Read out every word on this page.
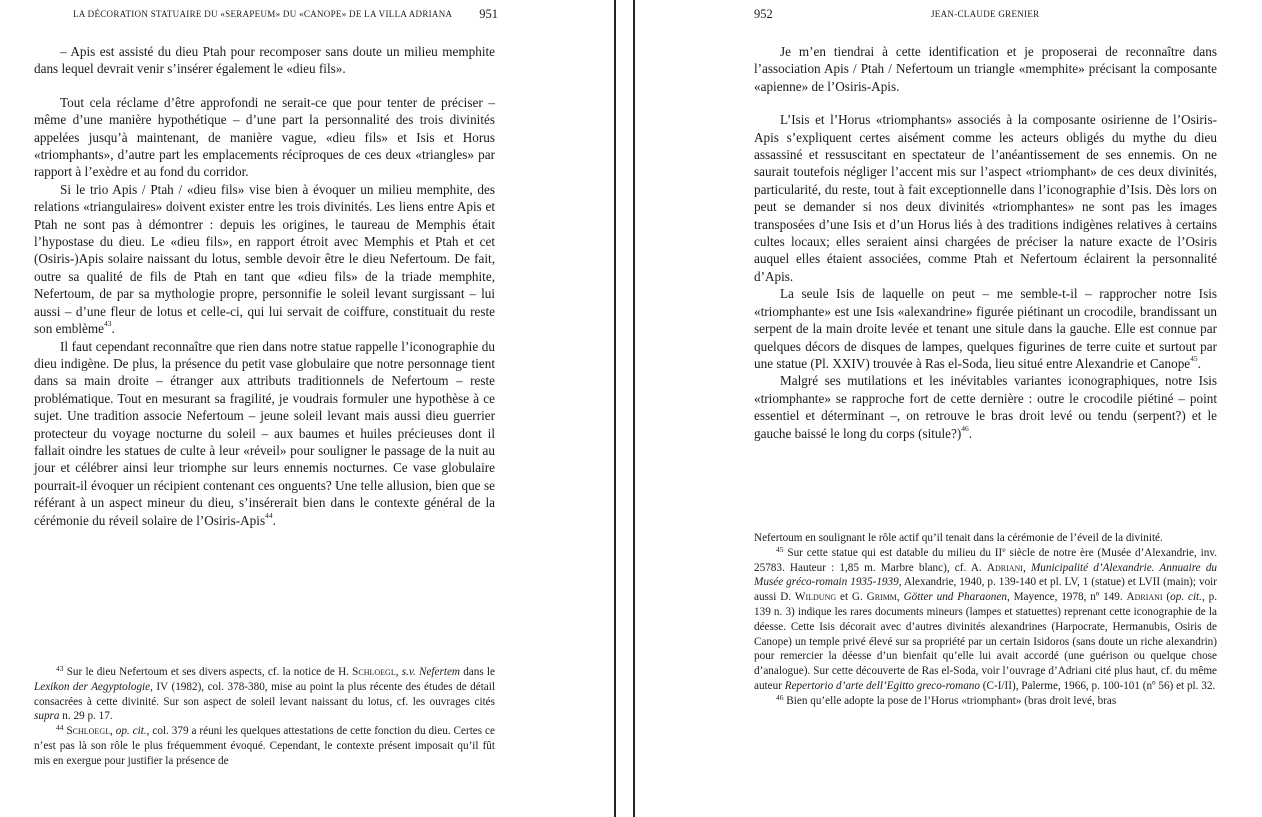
LA DÉCORATION STATUAIRE DU «SERAPEUM» DU «CANOPE» DE LA VILLA ADRIANA 951

– Apis est assisté du dieu Ptah pour recomposer sans doute un milieu memphite dans lequel devrait venir s’insérer également le «dieu fils».

Tout cela réclame d’être approfondi ne serait-ce que pour tenter de préciser – même d’une manière hypothétique – d’une part la personnalité des trois divinités appelées jusqu’à maintenant, de manière vague, «dieu fils» et Isis et Horus «triomphants», d’autre part les emplacements réciproques de ces deux «triangles» par rapport à l’exèdre et au fond du corridor.

Si le trio Apis / Ptah / «dieu fils» vise bien à évoquer un milieu memphite, des relations «triangulaires» doivent exister entre les trois divinités. Les liens entre Apis et Ptah ne sont pas à démontrer : depuis les origines, le taureau de Memphis était l’hypostase du dieu. Le «dieu fils», en rapport étroit avec Memphis et Ptah et cet (Osiris-)Apis solaire naissant du lotus, semble devoir être le dieu Nefertoum. De fait, outre sa qualité de fils de Ptah en tant que «dieu fils» de la triade memphite, Nefertoum, de par sa mythologie propre, personnifie le soleil levant surgissant – lui aussi – d’une fleur de lotus et celle-ci, qui lui servait de coiffure, constituait du reste son emblème$^{43}$.

Il faut cependant reconnaître que rien dans notre statue rappelle l’iconographie du dieu indigène. De plus, la présence du petit vase globulaire que notre personnage tient dans sa main droite – étranger aux attributs traditionnels de Nefertoum – reste problématique. Tout en mesurant sa fragilité, je voudrais formuler une hypothèse à ce sujet. Une tradition associe Nefertoum – jeune soleil levant mais aussi dieu guerrier protecteur du voyage nocturne du soleil – aux baumes et huiles précieuses dont il fallait oindre les statues de culte à leur «réveil» pour souligner le passage de la nuit au jour et célébrer ainsi leur triomphe sur leurs ennemis nocturnes. Ce vase globulaire pourrait-il évoquer un récipient contenant ces onguents? Une telle allusion, bien que se référant à un aspect mineur du dieu, s’insérerait bien dans le contexte général de la cérémonie du réveil solaire de l’Osiris-Apis$^{44}$.

$^{43}$ Sur le dieu Nefertoum et ses divers aspects, cf. la notice de H. Schloegl, s.v. Nefertem dans le Lexikon der Aegyptologie, IV (1982), col. 378-380, mise au point la plus récente des études de détail consacrées à cette divinité. Sur son aspect de soleil levant naissant du lotus, cf. les ouvrages cités supra n. 29 p. 17.

$^{44}$ Schloegl, op. cit., col. 379 a réuni les quelques attestations de cette fonction du dieu. Certes ce n’est pas là son rôle le plus fréquemment évoqué. Cependant, le contexte présent imposait qu’il fût mis en exergue pour justifier la présence de

952	JEAN-CLAUDE GRENIER

Je m’en tiendrai à cette identification et je proposerai de reconnaître dans l’association Apis / Ptah / Nefertoum un triangle «memphite» précisant la composante «apienne» de l’Osiris-Apis.

L’Isis et l’Horus «triomphants» associés à la composante osirienne de l’Osiris-Apis s’expliquent certes aisément comme les acteurs obligés du mythe du dieu assassiné et ressuscitant en spectateur de l’anéantissement de ses ennemis. On ne saurait toutefois négliger l’accent mis sur l’aspect «triomphant» de ces deux divinités, particularité, du reste, tout à fait exceptionnelle dans l’iconographie d’Isis. Dès lors on peut se demander si nos deux divinités «triomphantes» ne sont pas les images transposées d’une Isis et d’un Horus liés à des traditions indigènes relatives à certains cultes locaux; elles seraient ainsi chargées de préciser la nature exacte de l’Osiris auquel elles étaient associées, comme Ptah et Nefertoum éclairent la personnalité d’Apis.

La seule Isis de laquelle on peut – me semble-t-il – rapprocher notre Isis «triomphante» est une Isis «alexandrine» figurée piétinant un crocodile, brandissant un serpent de la main droite levée et tenant une situle dans la gauche. Elle est connue par quelques décors de disques de lampes, quelques figurines de terre cuite et surtout par une statue (Pl. XXIV) trouvée à Ras el-Soda, lieu situé entre Alexandrie et Canope$^{45}$.

Malgré ses mutilations et les inévitables variantes iconographiques, notre Isis «triomphante» se rapproche fort de cette dernière : outre le crocodile piétiné – point essentiel et déterminant –, on retrouve le bras droit levé ou tendu (serpent?) et le gauche baissé le long du corps (situle?)$^{46}$.

Nefertoum en soulignant le rôle actif qu’il tenait dans la cérémonie de l’éveil de la divinité.

$^{45}$ Sur cette statue qui est datable du milieu du IIe siècle de notre ère (Musée d’Alexandrie, inv. 25783. Hauteur : 1,85 m. Marbre blanc), cf. A. Adriani, Municipalité d’Alexandrie. Annuaire du Musée gréco-romain 1935-1939, Alexandrie, 1940, p. 139-140 et pl. LV, 1 (statue) et LVII (main); voir aussi D. Wildung et G. Grimm, Götter und Pharaonen, Mayence, 1978, nº 149. Adriani (op. cit., p. 139 n. 3) indique les rares documents mineurs (lampes et statuettes) reprenant cette iconographie de la déesse. Cette Isis décorait avec d’autres divinités alexandrines (Harpocrate, Hermanubis, Osiris de Canope) un temple privé élevé sur sa propriété par un certain Isidoros (sans doute un riche alexandrin) pour remercier la déesse d’un bienfait qu’elle lui avait accordé (une guérison ou quelque chose d’analogue). Sur cette découverte de Ras el-Soda, voir l’ouvrage d’Adriani cité plus haut, cf. du même auteur Repertorio d’arte dell’Egitto greco-romano (C-I/II), Palerme, 1966, p. 100-101 (nº 56) et pl. 32.

$^{46}$ Bien qu’elle adopte la pose de l’Horus «triomphant» (bras droit levé, bras
